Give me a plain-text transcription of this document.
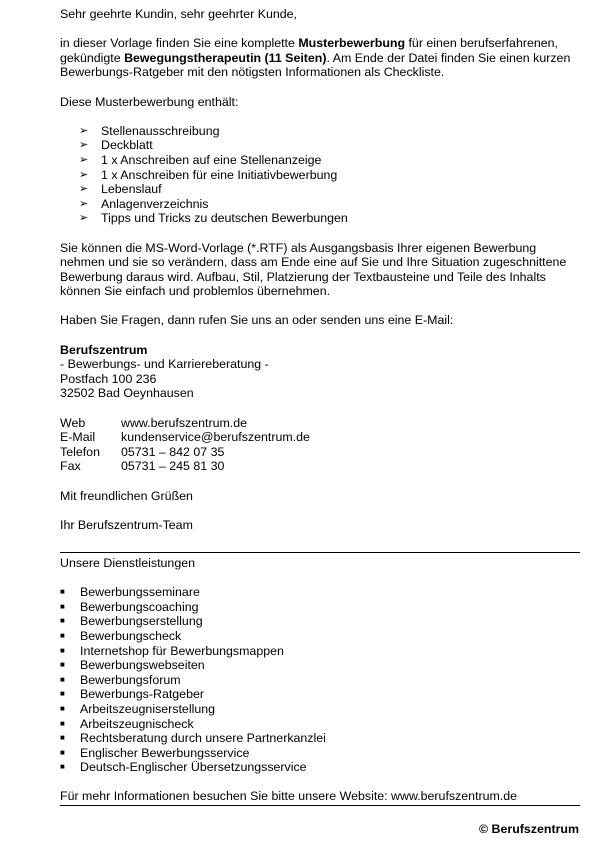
Sehr geehrte Kundin, sehr geehrter Kunde,

in dieser Vorlage finden Sie eine komplette Musterbewerbung für einen berufserfahrenen, gekündigte Bewegungstherapeutin (11 Seiten). Am Ende der Datei finden Sie einen kurzen Bewerbungs-Ratgeber mit den nötigsten Informationen als Checkliste.

Diese Musterbewerbung enthält:

➢	Stellenausschreibung
➢	Deckblatt
➢	1 x Anschreiben auf eine Stellenanzeige
➢	1 x Anschreiben für eine Initiativbewerbung
➢	Lebenslauf
➢	Anlagenverzeichnis
➢	Tipps und Tricks zu deutschen Bewerbungen

Sie können die MS-Word-Vorlage (*.RTF) als Ausgangsbasis Ihrer eigenen Bewerbung nehmen und sie so verändern, dass am Ende eine auf Sie und Ihre Situation zugeschnittene Bewerbung daraus wird. Aufbau, Stil, Platzierung der Textbausteine und Teile des Inhalts können Sie einfach und problemlos übernehmen.

Haben Sie Fragen, dann rufen Sie uns an oder senden uns eine E-Mail:

Berufszentrum

- Bewerbungs- und Karriereberatung -

Postfach 100 236

32502 Bad Oeynhausen

Web	www.berufszentrum.de
E-Mail	kundenservice@berufszentrum.de
Telefon	05731 – 842 07 35
Fax	05731 – 245 81 30

Mit freundlichen Grüßen

Ihr Berufszentrum-Team

Unsere Dienstleistungen

■	Bewerbungsseminare
■	Bewerbungscoaching
■	Bewerbungserstellung
■	Bewerbungscheck
■	Internetshop für Bewerbungsmappen
■	Bewerbungswebseiten
■	Bewerbungsforum
■	Bewerbungs-Ratgeber
■	Arbeitszeugniserstellung
■	Arbeitszeugnischeck
■	Rechtsberatung durch unsere Partnerkanzlei
■	Englischer Bewerbungsservice
■	Deutsch-Englischer Übersetzungsservice

Für mehr Informationen besuchen Sie bitte unsere Website: www.berufszentrum.de

© Berufszentrum
